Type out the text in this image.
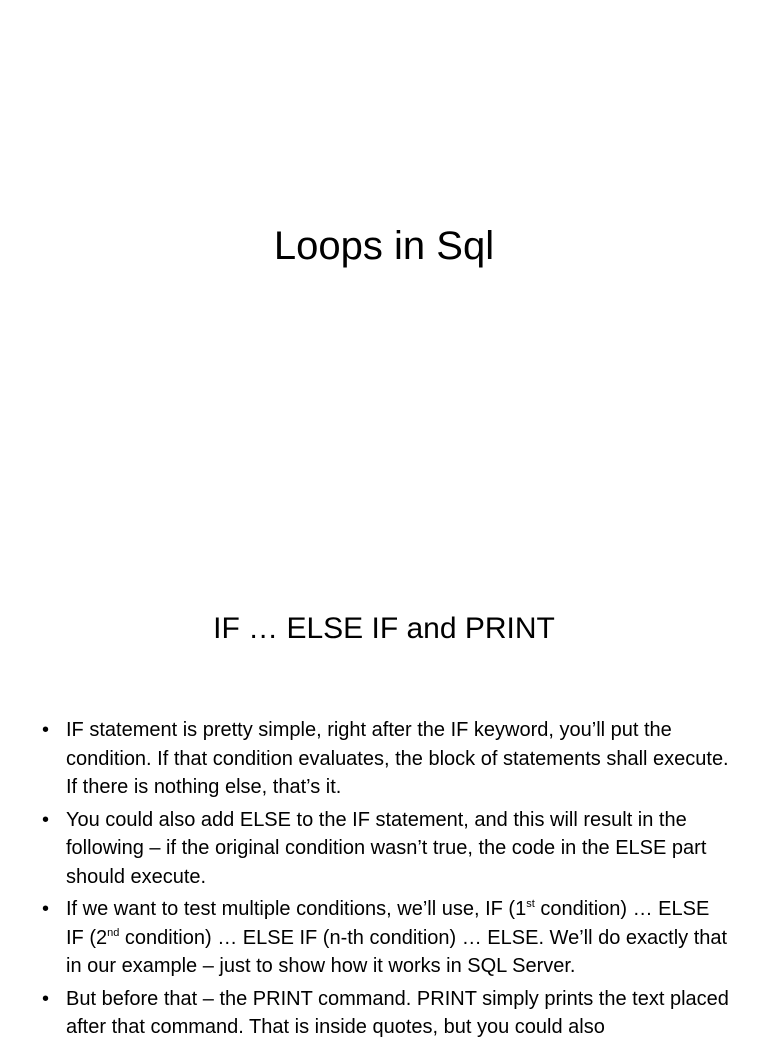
Loops in Sql
IF … ELSE IF and PRINT
• IF statement is pretty simple, right after the IF keyword, you’ll put the condition. If that condition evaluates, the block of statements shall execute. If there is nothing else, that’s it.
• You could also add ELSE to the IF statement, and this will result in the following – if the original condition wasn’t true, the code in the ELSE part should execute.
• If we want to test multiple conditions, we’ll use, IF (1st condition) … ELSE IF (2nd condition) … ELSE IF (n-th condition) … ELSE. We’ll do exactly that in our example – just to show how it works in SQL Server.
• But before that – the PRINT command. PRINT simply prints the text placed after that command. That is inside quotes, but you could also
